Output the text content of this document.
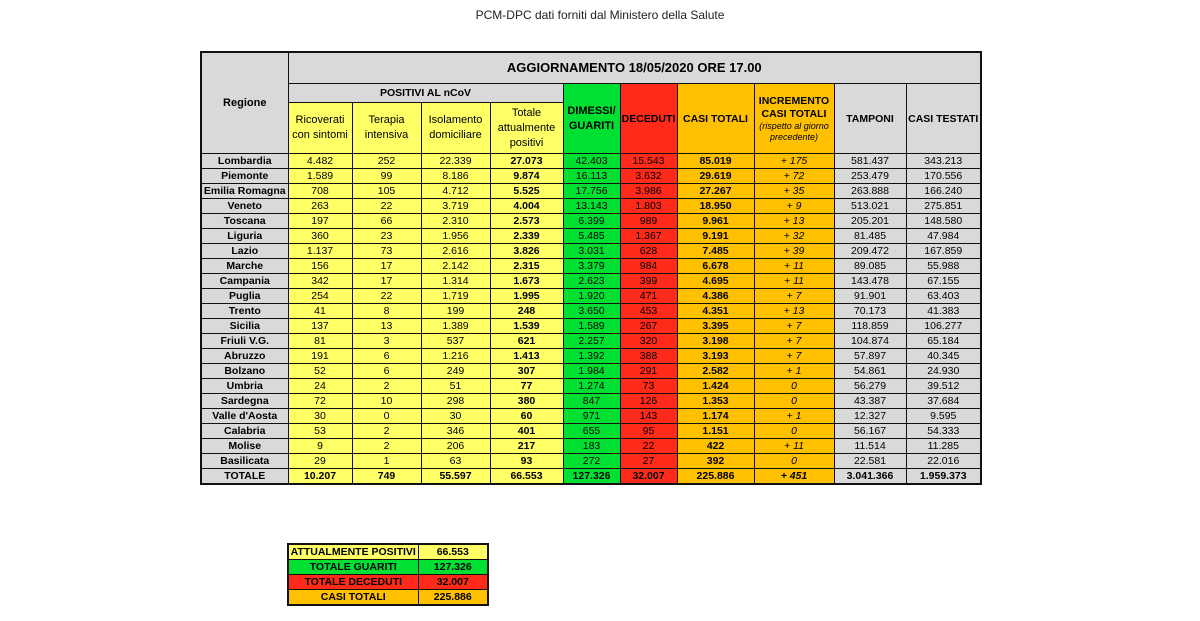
PCM-DPC dati forniti dal Ministero della Salute
Regione	AGGIORNAMENTO 18/05/2020 ORE 17.00									
	POSITIVI AL nCoV				DIMESSI/ GUARITI	DECEDUTI	CASI TOTALI	INCREMENTO CASI TOTALI
(rispetto al giorno precedente)	TAMPONI	CASI TESTATI
	Ricoverati con sintomi	Terapia intensiva	Isolamento domiciliare	Totale attualmente positivi						
Lombardia	4.482	252	22.339	27.073	42.403	15.543	85.019	+ 175	581.437	343.213
Piemonte	1.589	99	8.186	9.874	16.113	3.632	29.619	+ 72	253.479	170.556
Emilia Romagna	708	105	4.712	5.525	17.756	3.986	27.267	+ 35	263.888	166.240
Veneto	263	22	3.719	4.004	13.143	1.803	18.950	+ 9	513.021	275.851
Toscana	197	66	2.310	2.573	6.399	989	9.961	+ 13	205.201	148.580
Liguria	360	23	1.956	2.339	5.485	1.367	9.191	+ 32	81.485	47.984
Lazio	1.137	73	2.616	3.826	3.031	628	7.485	+ 39	209.472	167.859
Marche	156	17	2.142	2.315	3.379	984	6.678	+ 11	89.085	55.988
Campania	342	17	1.314	1.673	2.623	399	4.695	+ 11	143.478	67.155
Puglia	254	22	1.719	1.995	1.920	471	4.386	+ 7	91.901	63.403
Trento	41	8	199	248	3.650	453	4.351	+ 13	70.173	41.383
Sicilia	137	13	1.389	1.539	1.589	267	3.395	+ 7	118.859	106.277
Friuli V.G.	81	3	537	621	2.257	320	3.198	+ 7	104.874	65.184
Abruzzo	191	6	1.216	1.413	1.392	388	3.193	+ 7	57.897	40.345
Bolzano	52	6	249	307	1.984	291	2.582	+ 1	54.861	24.930
Umbria	24	2	51	77	1.274	73	1.424	0	56.279	39.512
Sardegna	72	10	298	380	847	126	1.353	0	43.387	37.684
Valle d'Aosta	30	0	30	60	971	143	1.174	+ 1	12.327	9.595
Calabria	53	2	346	401	655	95	1.151	0	56.167	54.333
Molise	9	2	206	217	183	22	422	+ 11	11.514	11.285
Basilicata	29	1	63	93	272	27	392	0	22.581	22.016
TOTALE	10.207	749	55.597	66.553	127.326	32.007	225.886	+ 451	3.041.366	1.959.373
ATTUALMENTE POSITIVI	66.553
TOTALE GUARITI	127.326
TOTALE DECEDUTI	32.007
CASI TOTALI	225.886
